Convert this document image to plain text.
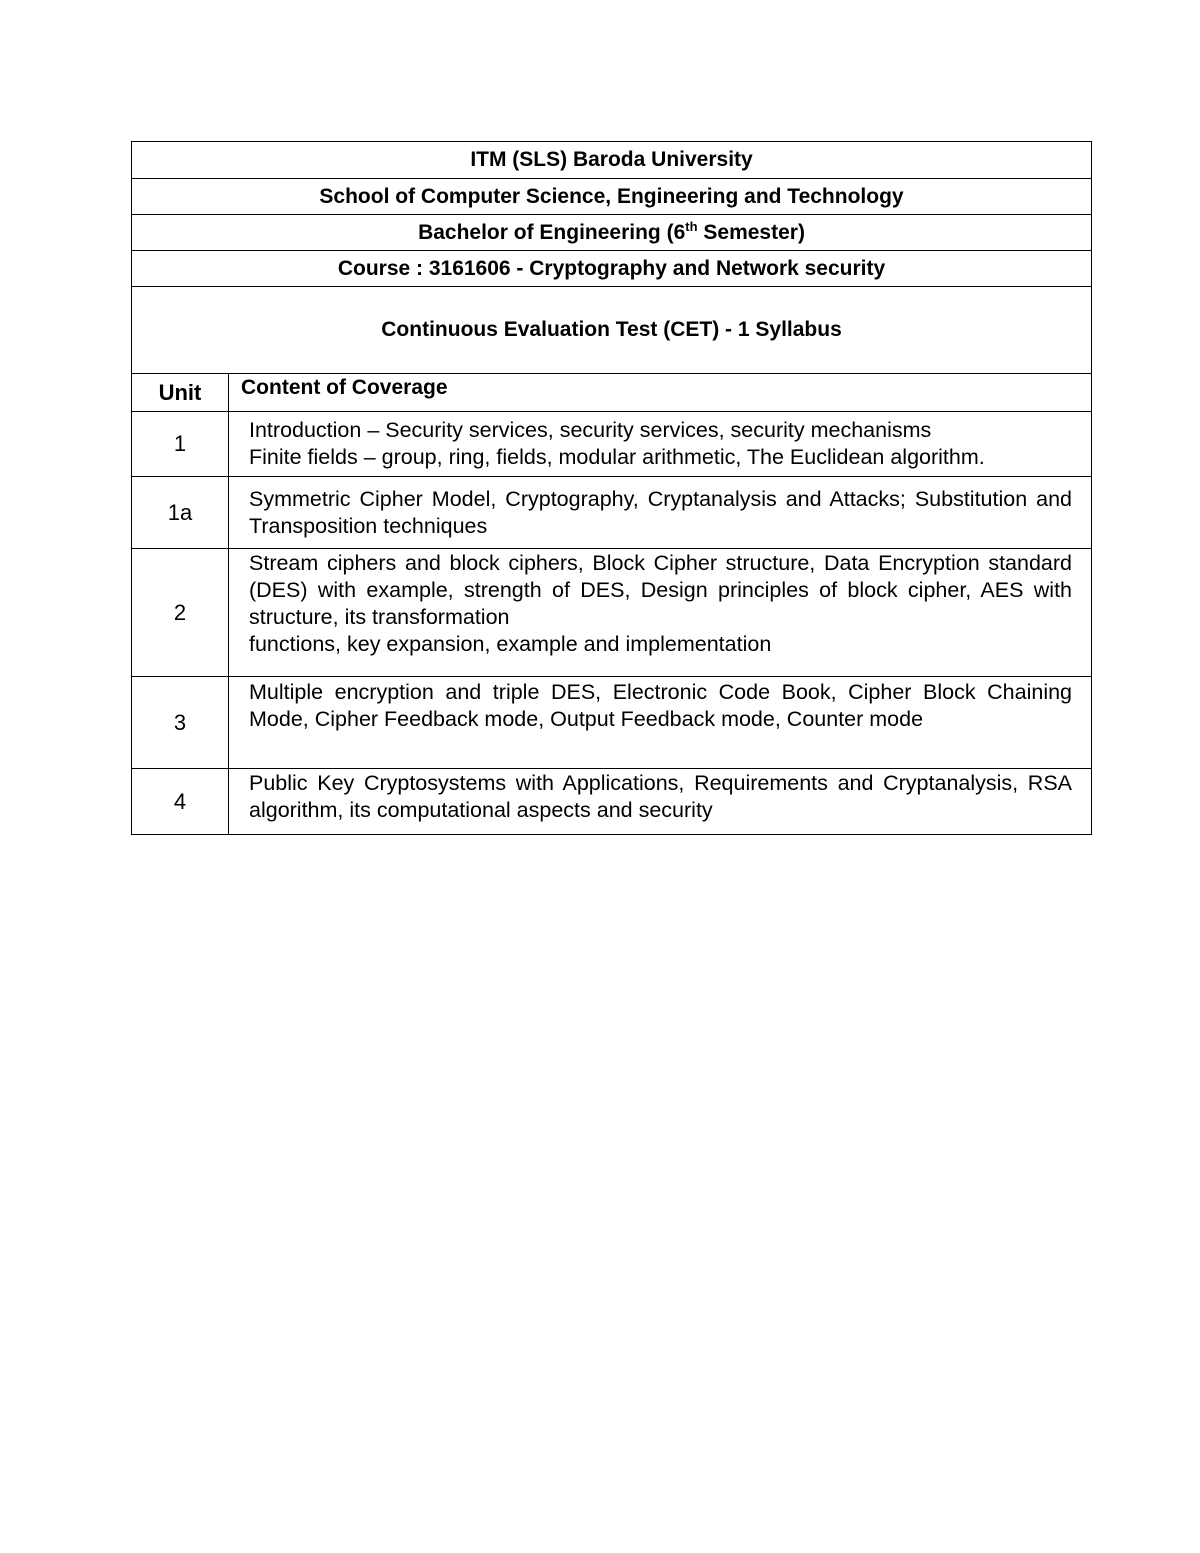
ITM (SLS) Baroda University	
School of Computer Science, Engineering and Technology	
Bachelor of Engineering (6th Semester)	
Course : 3161606 - Cryptography and Network security	
Continuous Evaluation Test (CET) - 1 Syllabus	
Unit	Content of Coverage
1	Introduction – Security services, security services, security mechanisms
Finite fields – group, ring, fields, modular arithmetic, The Euclidean algorithm.

1a	Symmetric Cipher Model, Cryptography, Cryptanalysis and Attacks; Substitution and Transposition techniques

2	Stream ciphers and block ciphers, Block Cipher structure, Data Encryption standard (DES) with example, strength of DES, Design principles of block cipher, AES with structure, its transformation
functions, key expansion, example and implementation

3	Multiple encryption and triple DES, Electronic Code Book, Cipher Block Chaining Mode, Cipher Feedback mode, Output Feedback mode, Counter mode

4	Public Key Cryptosystems with Applications, Requirements and Cryptanalysis, RSA algorithm, its computational aspects and security
